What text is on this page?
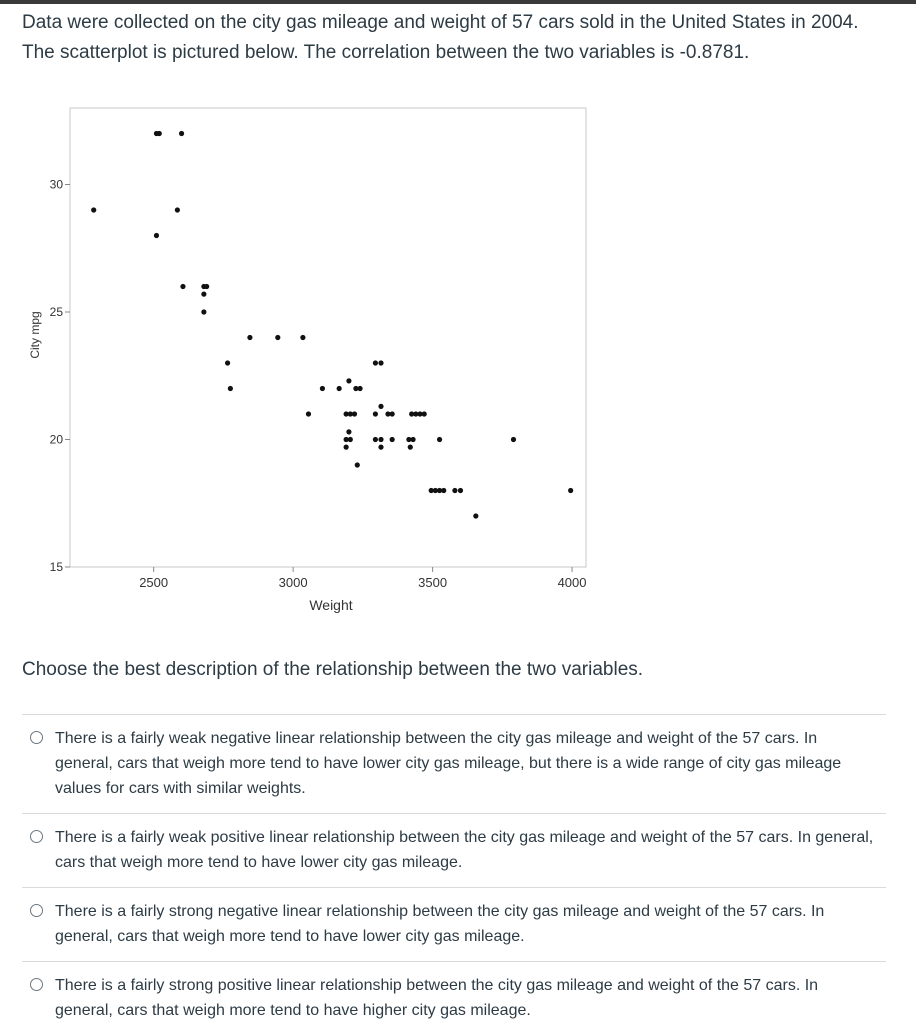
Data were collected on the city gas mileage and weight of 57 cars sold in the United States in 2004. The scatterplot is pictured below. The correlation between the two variables is -0.8781.
2500	3000	3500	4000
15
20
25
30
Weight
City mpg
Choose the best description of the relationship between the two variables.
There is a fairly weak negative linear relationship between the city gas mileage and weight of the 57 cars. In general, cars that weigh more tend to have lower city gas mileage, but there is a wide range of city gas mileage values for cars with similar weights.
There is a fairly weak positive linear relationship between the city gas mileage and weight of the 57 cars. In general, cars that weigh more tend to have lower city gas mileage.
There is a fairly strong negative linear relationship between the city gas mileage and weight of the 57 cars. In general, cars that weigh more tend to have lower city gas mileage.
There is a fairly strong positive linear relationship between the city gas mileage and weight of the 57 cars. In general, cars that weigh more tend to have higher city gas mileage.
